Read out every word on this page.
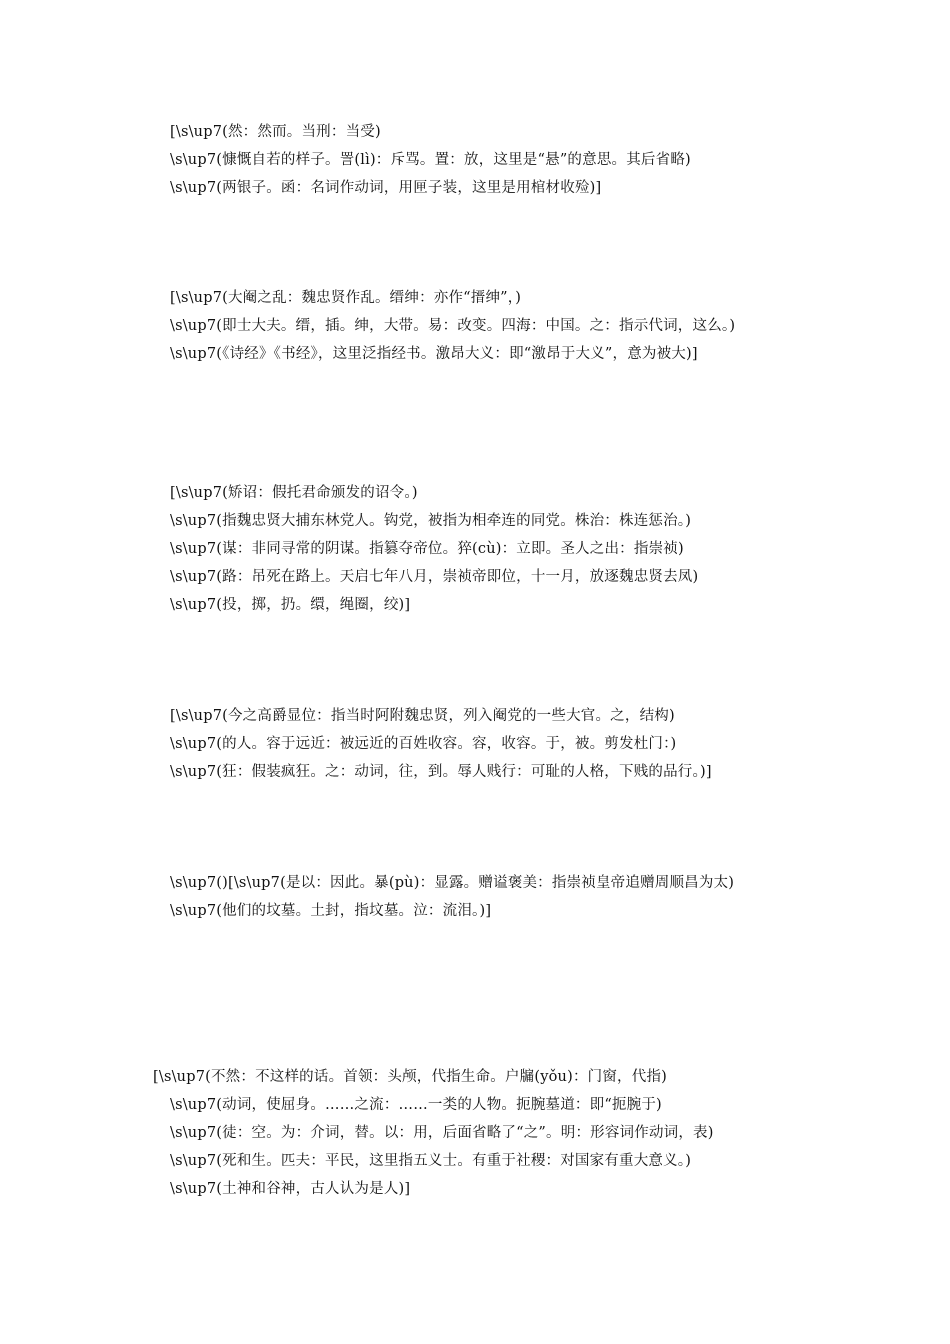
[\s\up7(然：然而。当刑：当受)
\s\up7(慷慨自若的样子。詈(lì)：斥骂。置：放，这里是“悬”的意思。其后省略)
\s\up7(两银子。函：名词作动词，用匣子装，这里是用棺材收殓)]
[\s\up7(大阉之乱：魏忠贤作乱。缙绅：亦作“搢绅”，)
\s\up7(即士大夫。缙，插。绅，大带。易：改变。四海：中国。之：指示代词，这么。)
\s\up7(《诗经》《书经》，这里泛指经书。激昂大义：即“激昂于大义”，意为被大)]
[\s\up7(矫诏：假托君命颁发的诏令。)
\s\up7(指魏忠贤大捕东林党人。钩党，被指为相牵连的同党。株治：株连惩治。)
\s\up7(谋：非同寻常的阴谋。指篡夺帝位。猝(cù)：立即。圣人之出：指崇祯)
\s\up7(路：吊死在路上。天启七年八月，崇祯帝即位，十一月，放逐魏忠贤去凤)
\s\up7(投，掷，扔。缳，绳圈，绞)]
[\s\up7(今之高爵显位：指当时阿附魏忠贤，列入阉党的一些大官。之，结构)
\s\up7(的人。容于远近：被远近的百姓收容。容，收容。于，被。剪发杜门：)
\s\up7(狂：假装疯狂。之：动词，往，到。辱人贱行：可耻的人格，下贱的品行。)]
\s\up7()[\s\up7(是以：因此。暴(pù)：显露。赠谥褒美：指崇祯皇帝追赠周顺昌为太)
\s\up7(他们的坟墓。土封，指坟墓。泣：流泪。)]
[\s\up7(不然：不这样的话。首领：头颅，代指生命。户牖(yǒu)：门窗，代指)
\s\up7(动词，使屈身。……之流：……一类的人物。扼腕墓道：即“扼腕于)
\s\up7(徒：空。为：介词，替。以：用，后面省略了“之”。明：形容词作动词，表)
\s\up7(死和生。匹夫：平民，这里指五义士。有重于社稷：对国家有重大意义。)
\s\up7(土神和谷神，古人认为是人)]
